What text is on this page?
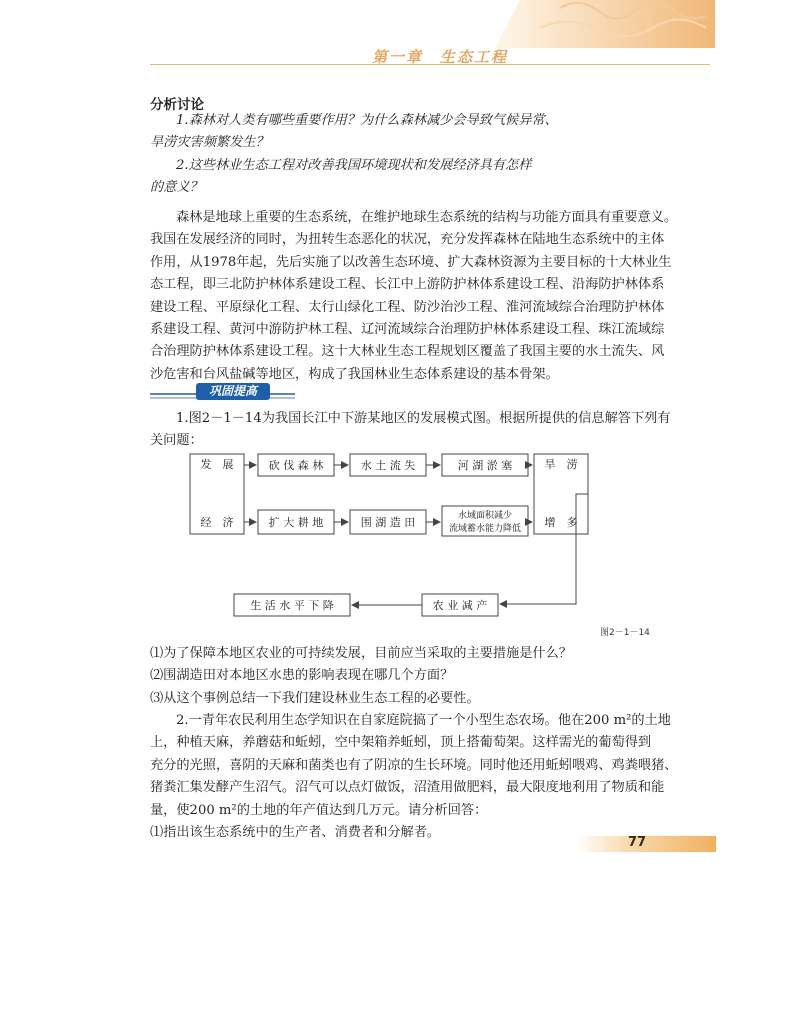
第一章　生态工程
分析讨论
1.森林对人类有哪些重要作用？为什么森林减少会导致气候异常、
旱涝灾害频繁发生？
2.这些林业生态工程对改善我国环境现状和发展经济具有怎样
的意义？
森林是地球上重要的生态系统，在维护地球生态系统的结构与功能方面具有重要意义。
我国在发展经济的同时，为扭转生态恶化的状况，充分发挥森林在陆地生态系统中的主体
作用，从1978年起，先后实施了以改善生态环境、扩大森林资源为主要目标的十大林业生
态工程，即三北防护林体系建设工程、长江中上游防护林体系建设工程、沿海防护林体系
建设工程、平原绿化工程、太行山绿化工程、防沙治沙工程、淮河流域综合治理防护林体
系建设工程、黄河中游防护林工程、辽河流域综合治理防护林体系建设工程、珠江流域综
合治理防护林体系建设工程。这十大林业生态工程规划区覆盖了我国主要的水土流失、风
沙危害和台风盐碱等地区，构成了我国林业生态体系建设的基本骨架。
巩固提高
1.图2－1－14为我国长江中下游某地区的发展模式图。根据所提供的信息解答下列有
关问题：
发　展
经　济
砍 伐 森 林	水 土 流 失	河 湖 淤 塞
扩 大 耕 地	围 湖 造 田	水域面积减少
流域蓄水能力降低
旱　涝
增　多
生 活 水 平 下 降	农 业 减 产
图2－1－14
⑴为了保障本地区农业的可持续发展，目前应当采取的主要措施是什么？
⑵围湖造田对本地区水患的影响表现在哪几个方面？
⑶从这个事例总结一下我们建设林业生态工程的必要性。
2.一青年农民利用生态学知识在自家庭院搞了一个小型生态农场。他在200 m²的土地
上，种植天麻，养蘑菇和蚯蚓，空中架箱养蚯蚓，顶上搭葡萄架。这样需光的葡萄得到
充分的光照，喜阴的天麻和菌类也有了阴凉的生长环境。同时他还用蚯蚓喂鸡、鸡粪喂猪、
猪粪汇集发酵产生沼气。沼气可以点灯做饭，沼渣用做肥料，最大限度地利用了物质和能
量，使200 m²的土地的年产值达到几万元。请分析回答：
⑴指出该生态系统中的生产者、消费者和分解者。
77
